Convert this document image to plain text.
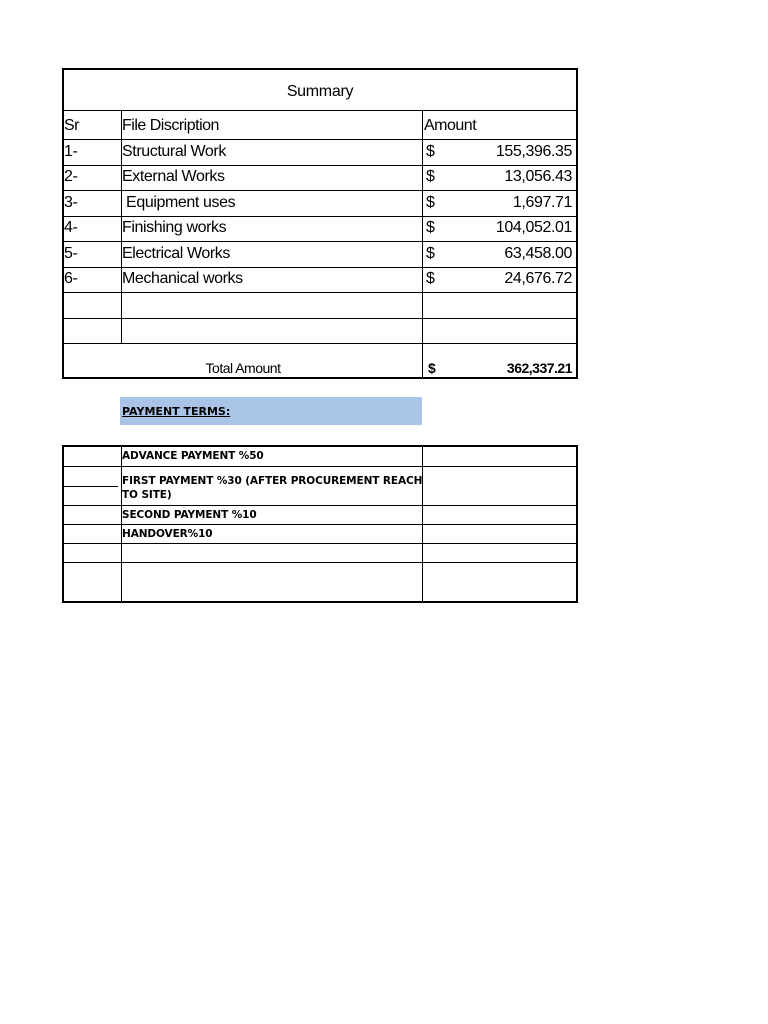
Summary
Sr	File Discription	Amount
1-	Structural Work	$	155,396.35
2-	External Works	$	13,056.43
3-	Equipment uses	$	1,697.71
4-	Finishing works	$	104,052.01
5-	Electrical Works	$	63,458.00
6-	Mechanical works	$	24,676.72
Total Amount	$	362,337.21
PAYMENT TERMS:
ADVANCE PAYMENT %50
FIRST PAYMENT %30 (AFTER PROCUREMENT REACH
TO SITE)
SECOND PAYMENT %10
HANDOVER%10
